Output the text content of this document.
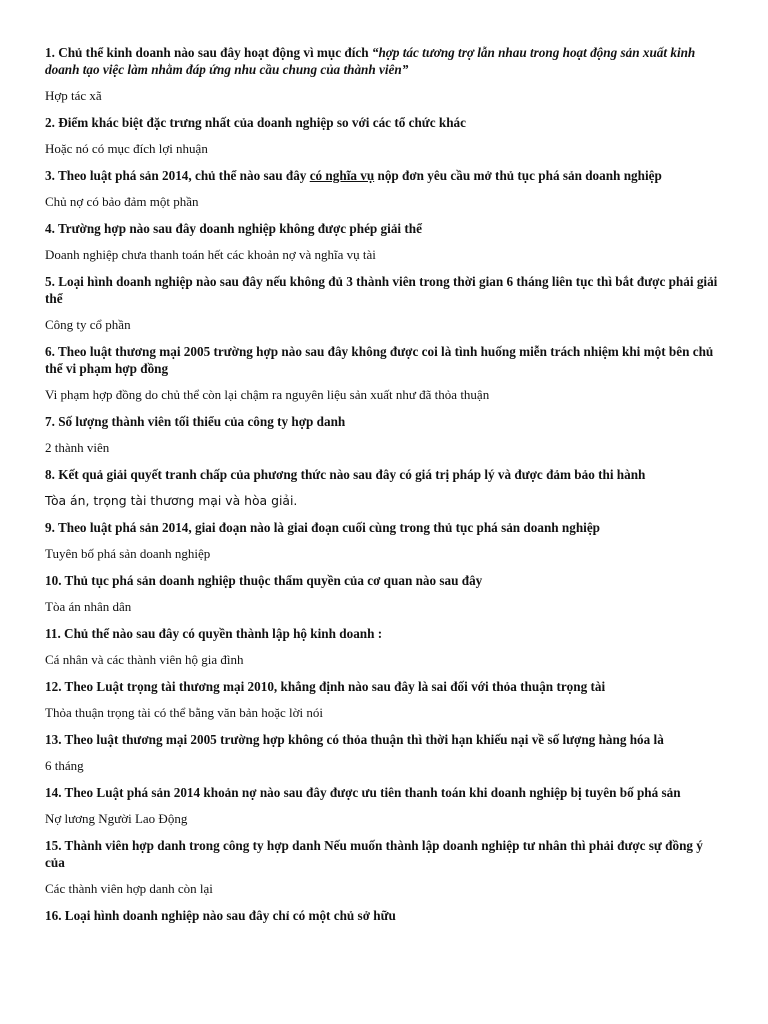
1. Chủ thể kinh doanh nào sau đây hoạt động vì mục đích “hợp tác tương trợ lẫn nhau trong hoạt động sản xuất kinh doanh tạo việc làm nhằm đáp ứng nhu cầu chung của thành viên”

Hợp tác xã

2. Điểm khác biệt đặc trưng nhất của doanh nghiệp so với các tổ chức khác

Hoặc nó có mục đích lợi nhuận

3. Theo luật phá sản 2014, chủ thể nào sau đây có nghĩa vụ nộp đơn yêu cầu mở thủ tục phá sản doanh nghiệp

Chủ nợ có bảo đảm một phần

4. Trường hợp nào sau đây doanh nghiệp không được phép giải thể

Doanh nghiệp chưa thanh toán hết các khoản nợ và nghĩa vụ tài

5. Loại hình doanh nghiệp nào sau đây nếu không đủ 3 thành viên trong thời gian 6 tháng liên tục thì bắt được phải giải thể

Công ty cổ phần

6. Theo luật thương mại 2005 trường hợp nào sau đây không được coi là tình huống miễn trách nhiệm khi một bên chủ thể vi phạm hợp đồng

Vi phạm hợp đồng do chủ thể còn lại chậm ra nguyên liệu sản xuất như đã thỏa thuận

7. Số lượng thành viên tối thiểu của công ty hợp danh

2 thành viên

8. Kết quả giải quyết tranh chấp của phương thức nào sau đây có giá trị pháp lý và được đảm bảo thi hành

Tòa án, trọng tài thương mại và hòa giải.

9. Theo luật phá sản 2014, giai đoạn nào là giai đoạn cuối cùng trong thủ tục phá sản doanh nghiệp

Tuyên bố phá sản doanh nghiệp

10. Thủ tục phá sản doanh nghiệp thuộc thẩm quyền của cơ quan nào sau đây

Tòa án nhân dân

11. Chủ thể nào sau đây có quyền thành lập hộ kinh doanh :

Cá nhân và các thành viên hộ gia đình

12. Theo Luật trọng tài thương mại 2010, khẳng định nào sau đây là sai đối với thỏa thuận trọng tài

Thỏa thuận trọng tài có thể bằng văn bản hoặc lời nói

13. Theo luật thương mại 2005 trường hợp không có thỏa thuận thì thời hạn khiếu nại về số lượng hàng hóa là

6 tháng

14. Theo Luật phá sản 2014 khoản nợ nào sau đây được ưu tiên thanh toán khi doanh nghiệp bị tuyên bố phá sản

Nợ lương Người Lao Động

15. Thành viên hợp danh trong công ty hợp danh Nếu muốn thành lập doanh nghiệp tư nhân thì phải được sự đồng ý của

Các thành viên hợp danh còn lại

16. Loại hình doanh nghiệp nào sau đây chỉ có một chủ sở hữu
